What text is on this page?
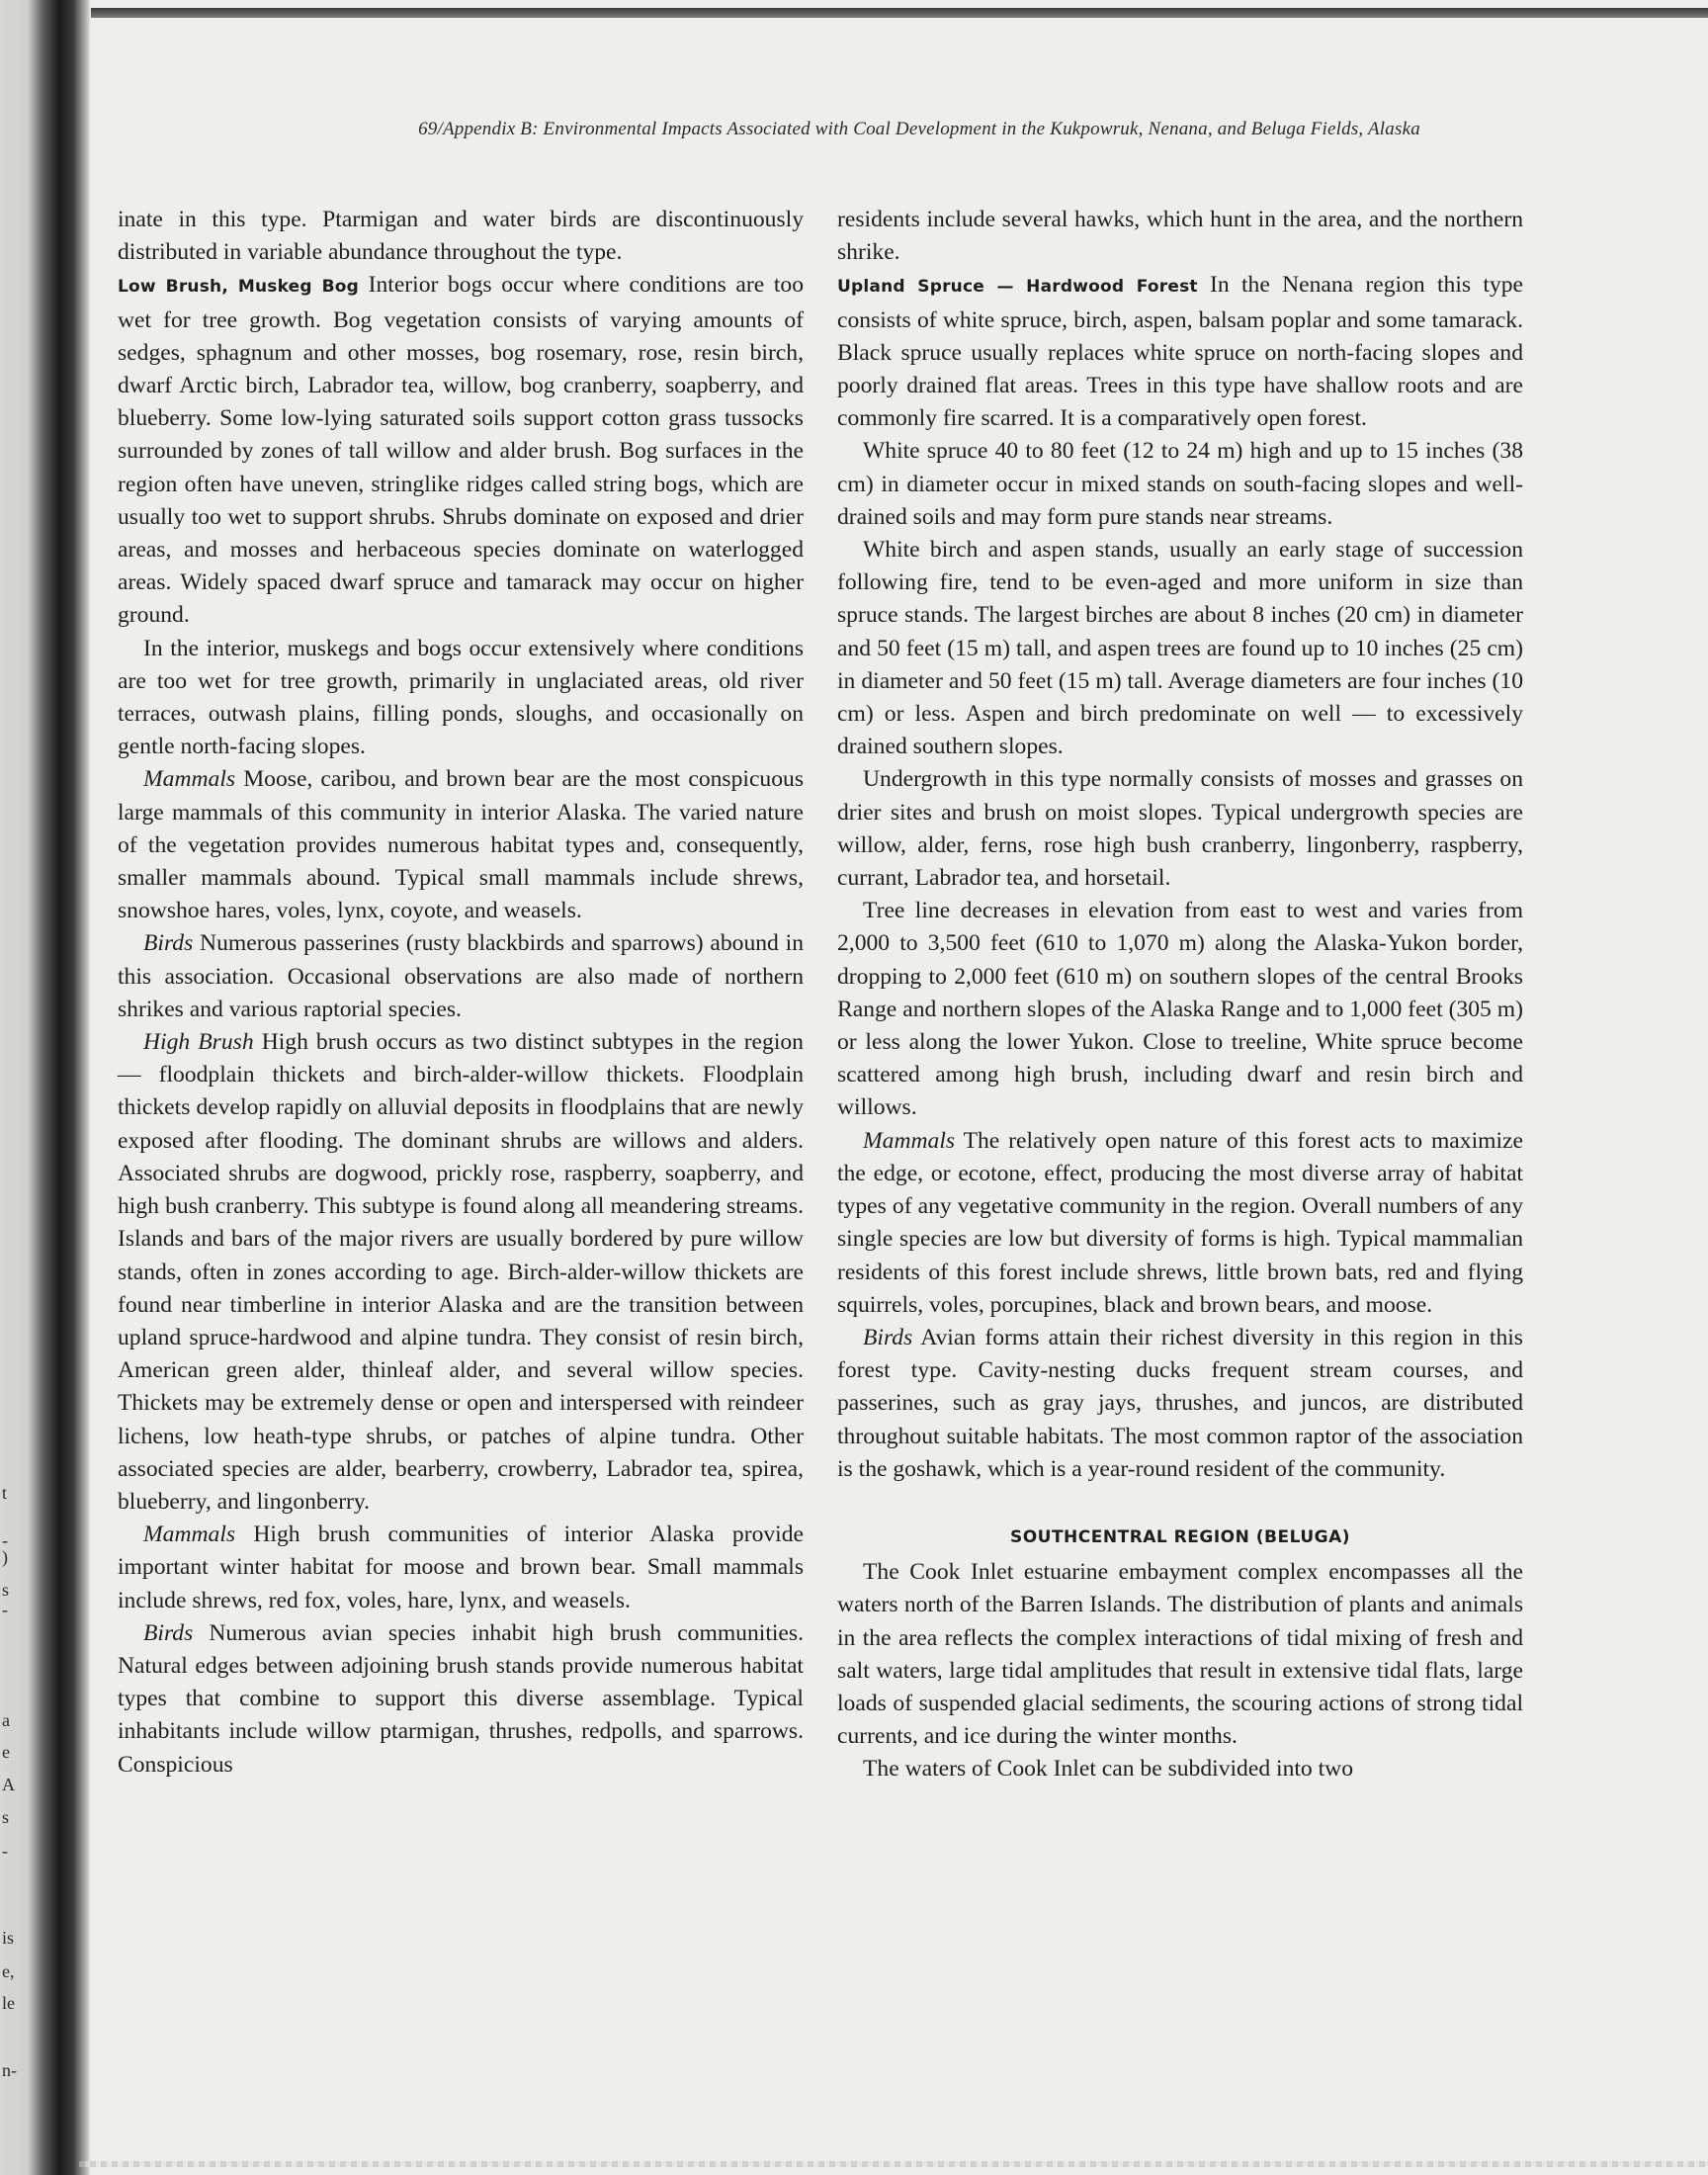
t
-
)
s
-
a
e
A
s
-
is
e,
le
n-
69/Appendix B: Environmental Impacts Associated with Coal Development in the Kukpowruk, Nenana, and Beluga Fields, Alaska

inate in this type. Ptarmigan and water birds are discontinuously distributed in variable abundance throughout the type.

Low Brush, Muskeg Bog Interior bogs occur where conditions are too wet for tree growth. Bog vegetation consists of varying amounts of sedges, sphagnum and other mosses, bog rosemary, rose, resin birch, dwarf Arctic birch, Labrador tea, willow, bog cranberry, soapberry, and blueberry. Some low-lying saturated soils support cotton grass tussocks surrounded by zones of tall willow and alder brush. Bog surfaces in the region often have uneven, stringlike ridges called string bogs, which are usually too wet to support shrubs. Shrubs dominate on exposed and drier areas, and mosses and herbaceous species dominate on waterlogged areas. Widely spaced dwarf spruce and tamarack may occur on higher ground.

In the interior, muskegs and bogs occur extensively where conditions are too wet for tree growth, primarily in unglaciated areas, old river terraces, outwash plains, filling ponds, sloughs, and occasionally on gentle north-facing slopes.

Mammals Moose, caribou, and brown bear are the most conspicuous large mammals of this community in interior Alaska. The varied nature of the vegetation provides numerous habitat types and, consequently, smaller mammals abound. Typical small mammals include shrews, snowshoe hares, voles, lynx, coyote, and weasels.

Birds Numerous passerines (rusty blackbirds and sparrows) abound in this association. Occasional observations are also made of northern shrikes and various raptorial species.

High Brush High brush occurs as two distinct subtypes in the region — floodplain thickets and birch-alder-willow thickets. Floodplain thickets develop rapidly on alluvial deposits in floodplains that are newly exposed after flooding. The dominant shrubs are willows and alders. Associated shrubs are dogwood, prickly rose, raspberry, soapberry, and high bush cranberry. This subtype is found along all meandering streams. Islands and bars of the major rivers are usually bordered by pure willow stands, often in zones according to age. Birch-alder-willow thickets are found near timberline in interior Alaska and are the transition between upland spruce-hardwood and alpine tundra. They consist of resin birch, American green alder, thinleaf alder, and several willow species. Thickets may be extremely dense or open and interspersed with reindeer lichens, low heath-type shrubs, or patches of alpine tundra. Other associated species are alder, bearberry, crowberry, Labrador tea, spirea, blueberry, and lingonberry.

Mammals High brush communities of interior Alaska provide important winter habitat for moose and brown bear. Small mammals include shrews, red fox, voles, hare, lynx, and weasels.

Birds Numerous avian species inhabit high brush communities. Natural edges between adjoining brush stands provide numerous habitat types that combine to support this diverse assemblage. Typical inhabitants include willow ptarmigan, thrushes, redpolls, and sparrows. Conspicious

residents include several hawks, which hunt in the area, and the northern shrike.

Upland Spruce — Hardwood Forest In the Nenana region this type consists of white spruce, birch, aspen, balsam poplar and some tamarack. Black spruce usually replaces white spruce on north-facing slopes and poorly drained flat areas. Trees in this type have shallow roots and are commonly fire scarred. It is a comparatively open forest.

White spruce 40 to 80 feet (12 to 24 m) high and up to 15 inches (38 cm) in diameter occur in mixed stands on south-facing slopes and well-drained soils and may form pure stands near streams.

White birch and aspen stands, usually an early stage of succession following fire, tend to be even-aged and more uniform in size than spruce stands. The largest birches are about 8 inches (20 cm) in diameter and 50 feet (15 m) tall, and aspen trees are found up to 10 inches (25 cm) in diameter and 50 feet (15 m) tall. Average diameters are four inches (10 cm) or less. Aspen and birch predominate on well — to excessively drained southern slopes.

Undergrowth in this type normally consists of mosses and grasses on drier sites and brush on moist slopes. Typical undergrowth species are willow, alder, ferns, rose high bush cranberry, lingonberry, raspberry, currant, Labrador tea, and horsetail.

Tree line decreases in elevation from east to west and varies from 2,000 to 3,500 feet (610 to 1,070 m) along the Alaska-Yukon border, dropping to 2,000 feet (610 m) on southern slopes of the central Brooks Range and northern slopes of the Alaska Range and to 1,000 feet (305 m) or less along the lower Yukon. Close to treeline, White spruce become scattered among high brush, including dwarf and resin birch and willows.

Mammals The relatively open nature of this forest acts to maximize the edge, or ecotone, effect, producing the most diverse array of habitat types of any vegetative community in the region. Overall numbers of any single species are low but diversity of forms is high. Typical mammalian residents of this forest include shrews, little brown bats, red and flying squirrels, voles, porcupines, black and brown bears, and moose.

Birds Avian forms attain their richest diversity in this region in this forest type. Cavity-nesting ducks frequent stream courses, and passerines, such as gray jays, thrushes, and juncos, are distributed throughout suitable habitats. The most common raptor of the association is the goshawk, which is a year-round resident of the community.

SOUTHCENTRAL REGION (BELUGA)

The Cook Inlet estuarine embayment complex encompasses all the waters north of the Barren Islands. The distribution of plants and animals in the area reflects the complex interactions of tidal mixing of fresh and salt waters, large tidal amplitudes that result in extensive tidal flats, large loads of suspended glacial sediments, the scouring actions of strong tidal currents, and ice during the winter months.

The waters of Cook Inlet can be subdivided into two
